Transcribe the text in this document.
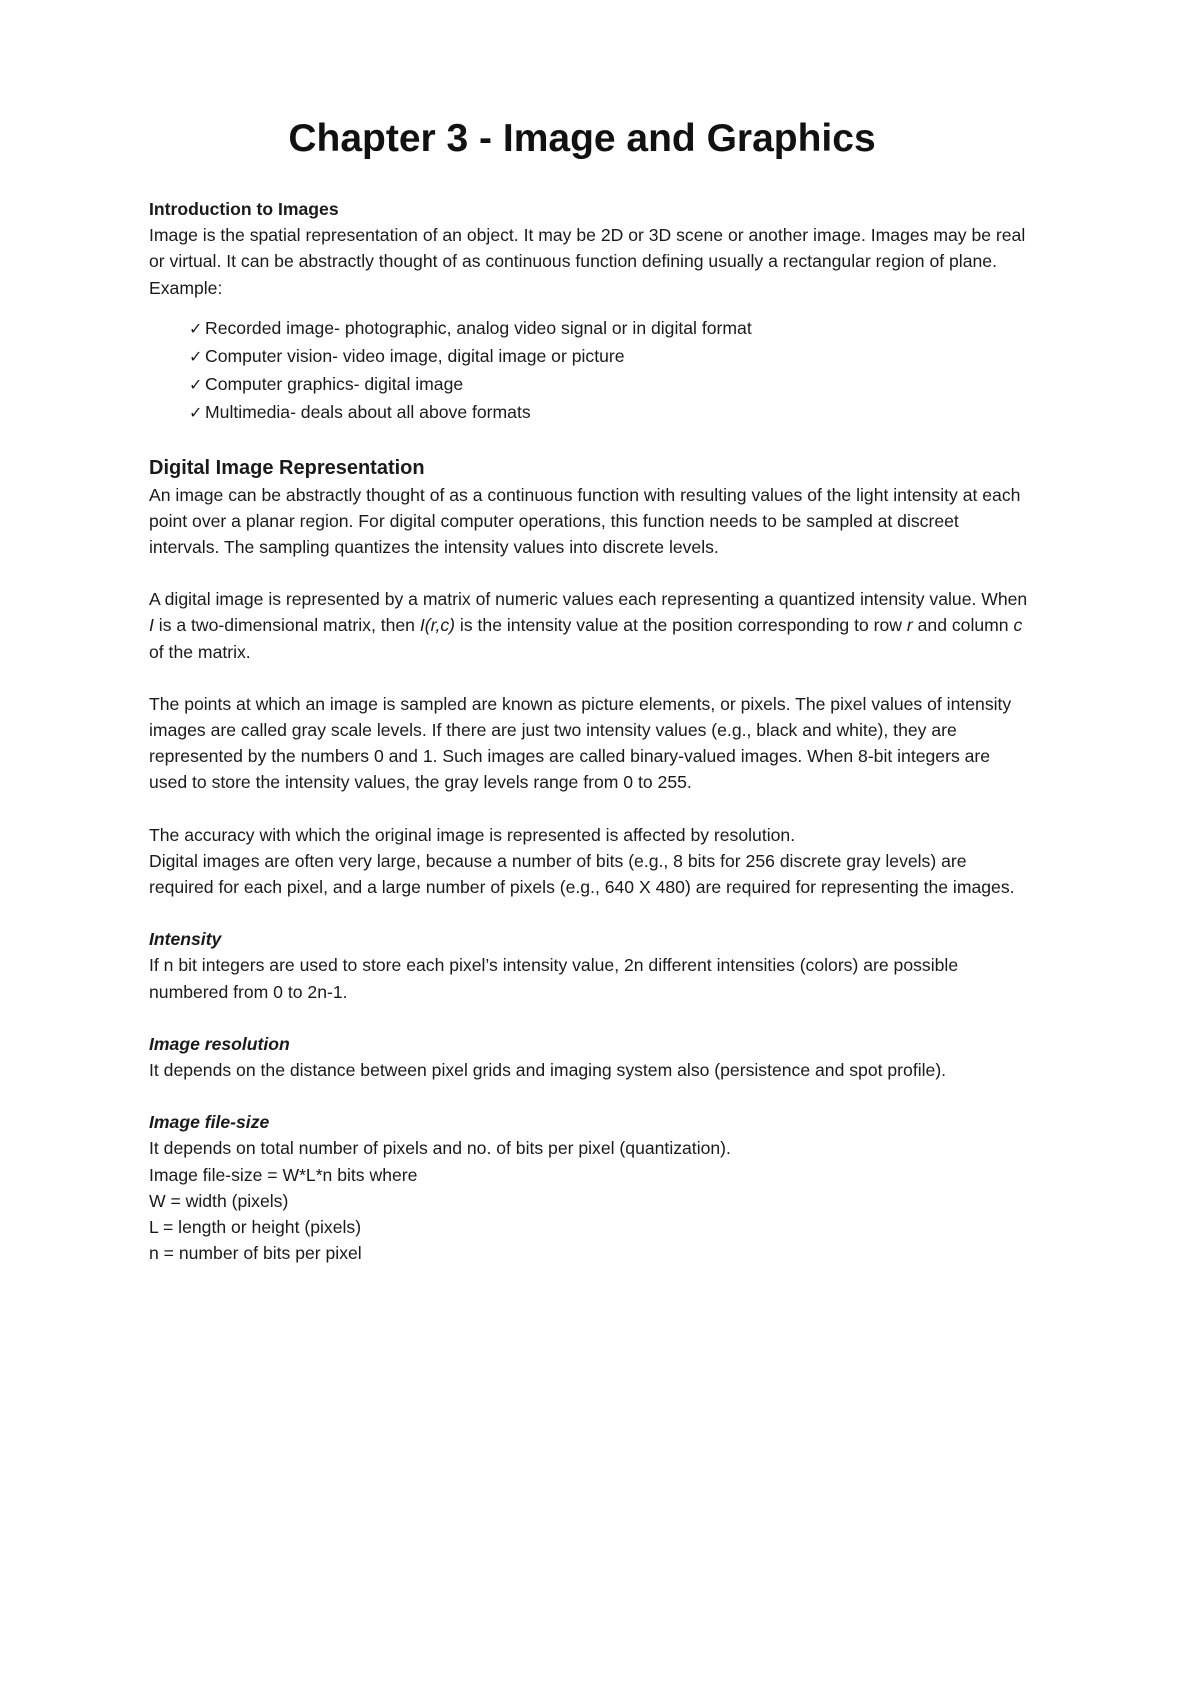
Chapter 3 - Image and Graphics
Introduction to Images

Image is the spatial representation of an object. It may be 2D or 3D scene or another image. Images may be real or virtual. It can be abstractly thought of as continuous function defining usually a rectangular region of plane. Example:

✓ Recorded image- photographic, analog video signal or in digital format
✓ Computer vision- video image, digital image or picture
✓ Computer graphics- digital image
✓ Multimedia- deals about all above formats
Digital Image Representation

An image can be abstractly thought of as a continuous function with resulting values of the light intensity at each point over a planar region. For digital computer operations, this function needs to be sampled at discreet intervals. The sampling quantizes the intensity values into discrete levels.

A digital image is represented by a matrix of numeric values each representing a quantized intensity value. When I is a two-dimensional matrix, then I(r,c) is the intensity value at the position corresponding to row r and column c of the matrix.

The points at which an image is sampled are known as picture elements, or pixels. The pixel values of intensity images are called gray scale levels. If there are just two intensity values (e.g., black and white), they are represented by the numbers 0 and 1. Such images are called binary-valued images. When 8-bit integers are used to store the intensity values, the gray levels range from 0 to 255.

The accuracy with which the original image is represented is affected by resolution.

Digital images are often very large, because a number of bits (e.g., 8 bits for 256 discrete gray levels) are required for each pixel, and a large number of pixels (e.g., 640 X 480) are required for representing the images.

Intensity

If n bit integers are used to store each pixel’s intensity value, 2n different intensities (colors) are possible numbered from 0 to 2n-1.

Image resolution

It depends on the distance between pixel grids and imaging system also (persistence and spot profile).

Image file-size

It depends on total number of pixels and no. of bits per pixel (quantization).

Image file-size = W*L*n bits where

W = width (pixels)

L = length or height (pixels)

n = number of bits per pixel
